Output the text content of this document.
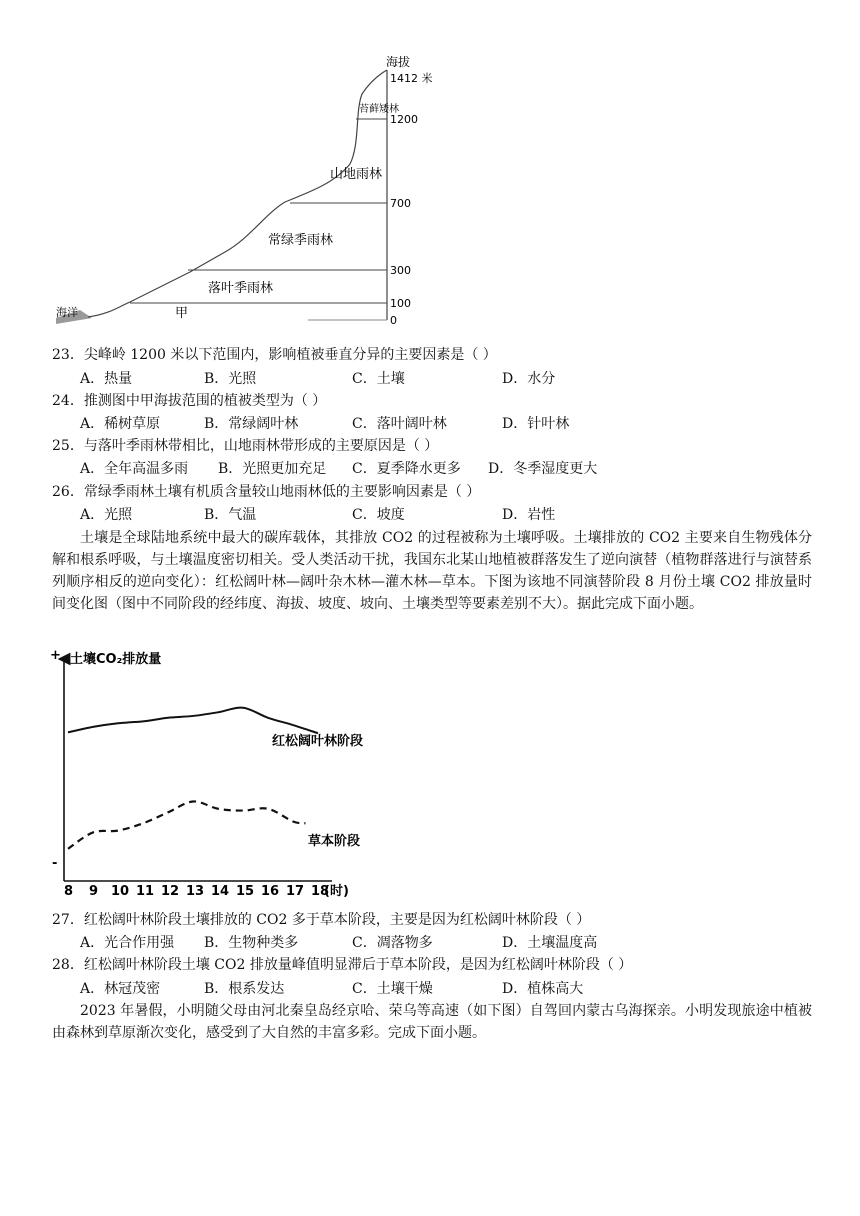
海拔
1412 米
1200
700
300
100
0
苔藓矮林
山地雨林
常绿季雨林
落叶季雨林
甲
海洋
23．尖峰岭 1200 米以下范围内，影响植被垂直分异的主要因素是（ ）
A．热量	B．光照	C．土壤	D．水分
24．推测图中甲海拔范围的植被类型为（ ）
A．稀树草原	B．常绿阔叶林	C．落叶阔叶林	D．针叶林
25．与落叶季雨林带相比，山地雨林带形成的主要原因是（ ）
A．全年高温多雨 B．光照更加充足 C．夏季降水更多 D．冬季湿度更大
26．常绿季雨林土壤有机质含量较山地雨林低的主要影响因素是（ ）
A．光照	B．气温	C．坡度	D．岩性
土壤是全球陆地系统中最大的碳库载体，其排放 CO2 的过程被称为土壤呼吸。土壤排放的 CO2 主要来自生物残体分解和根系呼吸，与土壤温度密切相关。受人类活动干扰，我国东北某山地植被群落发生了逆向演替（植物群落进行与演替系列顺序相反的逆向变化）：红松阔叶林—阔叶杂木林—灌木林—草本。下图为该地不同演替阶段 8 月份土壤 CO2 排放量时间变化图（图中不同阶段的经纬度、海拔、坡度、坡向、土壤类型等要素差别不大）。据此完成下面小题。
土壤CO₂排放量
+
-
(时)
8 9 10 11 12 13 14 15 16 17 18
红松阔叶林阶段
草本阶段
27．红松阔叶林阶段土壤排放的 CO2 多于草本阶段，主要是因为红松阔叶林阶段（ ）
A．光合作用强 B．生物种类多	C．凋落物多	D．土壤温度高
28．红松阔叶林阶段土壤 CO2 排放量峰值明显滞后于草本阶段，是因为红松阔叶林阶段（ ）
A．林冠茂密	B．根系发达	C．土壤干燥	D．植株高大
2023 年暑假，小明随父母由河北秦皇岛经京哈、荣乌等高速（如下图）自驾回内蒙古乌海探亲。小明发现旅途中植被由森林到草原渐次变化，感受到了大自然的丰富多彩。完成下面小题。
